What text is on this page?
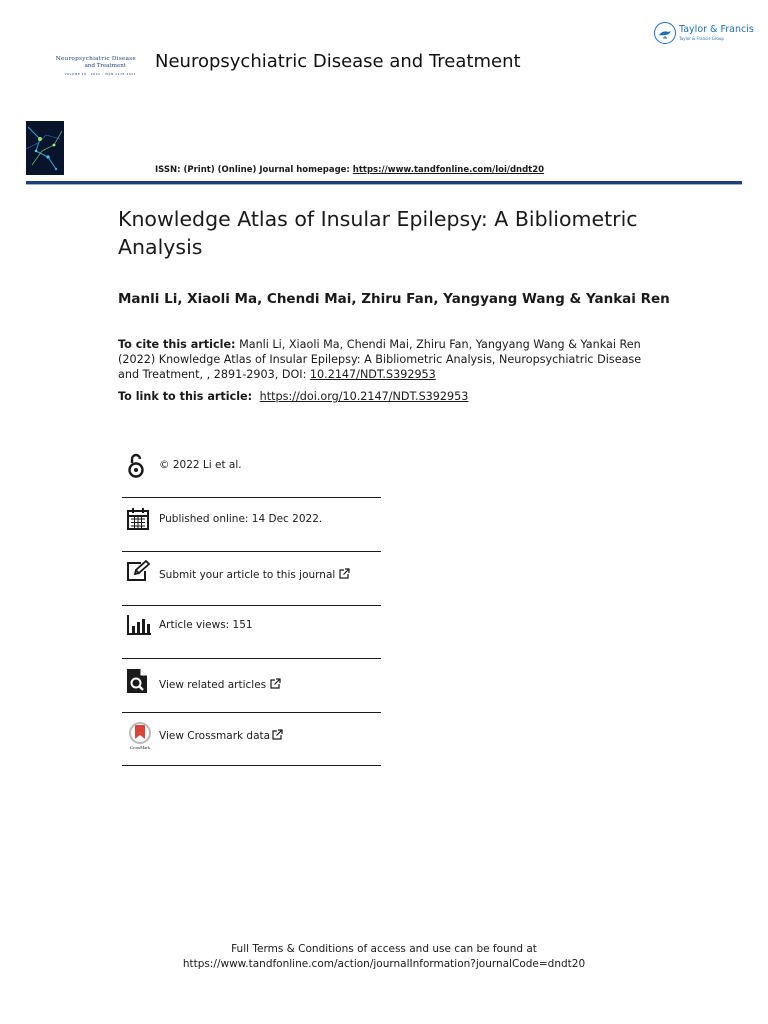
Taylor & Francis
Taylor & Francis Group
Neuropsychiatric Disease
and Treatment
VOLUME 18 · 2022 · ISSN 1178-2021
Neuropsychiatric Disease and Treatment
ISSN: (Print) (Online) Journal homepage: https://www.tandfonline.com/loi/dndt20
Knowledge Atlas of Insular Epilepsy: A Bibliometric Analysis
Manli Li, Xiaoli Ma, Chendi Mai, Zhiru Fan, Yangyang Wang & Yankai Ren
To cite this article: Manli Li, Xiaoli Ma, Chendi Mai, Zhiru Fan, Yangyang Wang & Yankai Ren (2022) Knowledge Atlas of Insular Epilepsy: A Bibliometric Analysis, Neuropsychiatric Disease and Treatment, , 2891-2903, DOI: 10.2147/NDT.S392953
To link to this article: https://doi.org/10.2147/NDT.S392953
© 2022 Li et al.
Published online: 14 Dec 2022.
Submit your article to this journal
Article views: 151
View related articles
CrossMark
View Crossmark data
Full Terms & Conditions of access and use can be found at
https://www.tandfonline.com/action/journalInformation?journalCode=dndt20
